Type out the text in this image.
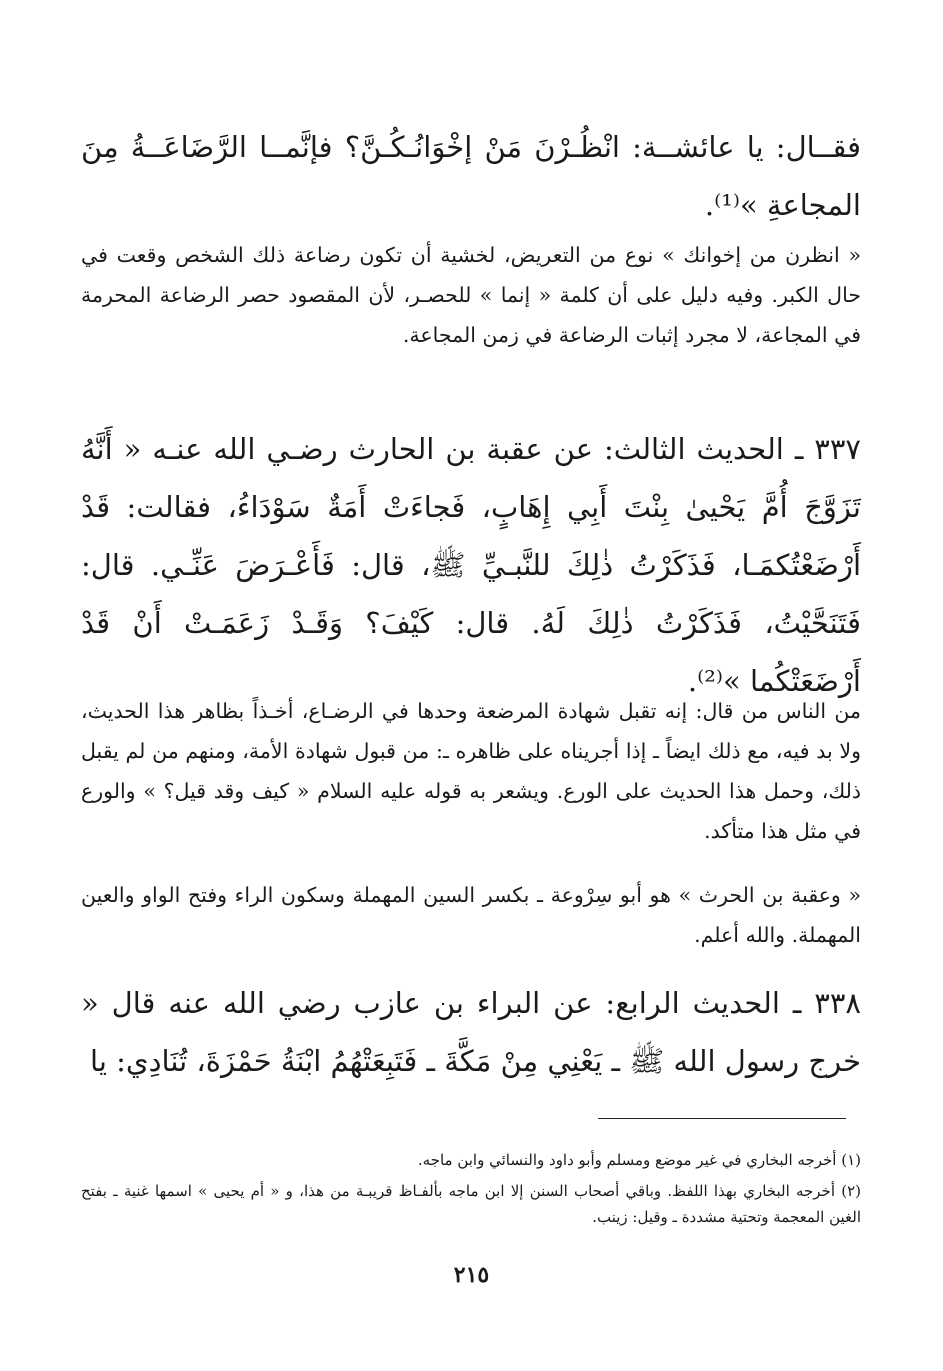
فقــال: يا عائشــة: انْظُـرْنَ مَنْ إخْوَانُـكُـنَّ؟ فإنَّمــا الرَّضَاعَــةُ مِنَ المجاعةِ »⁽¹⁾.

« انظرن من إخوانك » نوع من التعريض، لخشية أن تكون رضاعة ذلك الشخص وقعت في حال الكبر. وفيه دليل على أن كلمة « إنما » للحصـر، لأن المقصود حصر الرضاعة المحرمة في المجاعة، لا مجرد إثبات الرضاعة في زمن المجاعة.

٣٣٧ ـ الحديث الثالث: عن عقبة بن الحارث رضـي الله عنـه « أَنَّهُ تَزَوَّجَ أُمَّ يَحْيىٰ بِنْتَ أَبِي إِهَابٍ، فَجاءَتْ أَمَةٌ سَوْدَاءُ، فقالت: قَدْ أَرْضَعْتُكمَـا، فَذَكَرْتُ ذٰلِكَ للنَّبـيِّ ﷺ، قال: فَأَعْـرَضَ عَنِّـي. قال: فَتَنَحَّيْتُ، فَذَكَرْتُ ذٰلِكَ لَهُ. قال: كَيْفَ؟ وَقَـدْ زَعَمَـتْ أَنْ قَدْ أَرْضَعَتْكُما »⁽²⁾.

من الناس من قال: إنه تقبل شهادة المرضعة وحدها في الرضـاع، أخـذاً بظاهر هذا الحديث، ولا بد فيه، مع ذلك ايضاً ـ إذا أجريناه على ظاهره ـ: من قبول شهادة الأمة، ومنهم من لم يقبل ذلك، وحمل هذا الحديث على الورع. ويشعر به قوله عليه السلام « كيف وقد قيل؟ » والورع في مثل هذا متأكد.

« وعقبة بن الحرث » هو أبو سِرْوعة ـ بكسر السين المهملة وسكون الراء وفتح الواو والعين المهملة. والله أعلم.

٣٣٨ ـ الحديث الرابع: عن البراء بن عازب رضي الله عنه قال « خرج رسول الله ﷺ ـ يَعْنِي مِنْ مَكَّةَ ـ فَتَبِعَتْهُمُ ابْنَةُ حَمْزَةَ، تُنَادِي: يا

(١) أخرجه البخاري في غير موضع ومسلم وأبو داود والنسائي وابن ماجه.

(٢) أخرجه البخاري بهذا اللفظ. وباقي أصحاب السنن إلا ابن ماجه بألفـاظ قريبـة من هذا، و « أم يحيى » اسمها غنية ـ بفتح الغين المعجمة وتحتية مشددة ـ وقيل: زينب.

٢١٥
